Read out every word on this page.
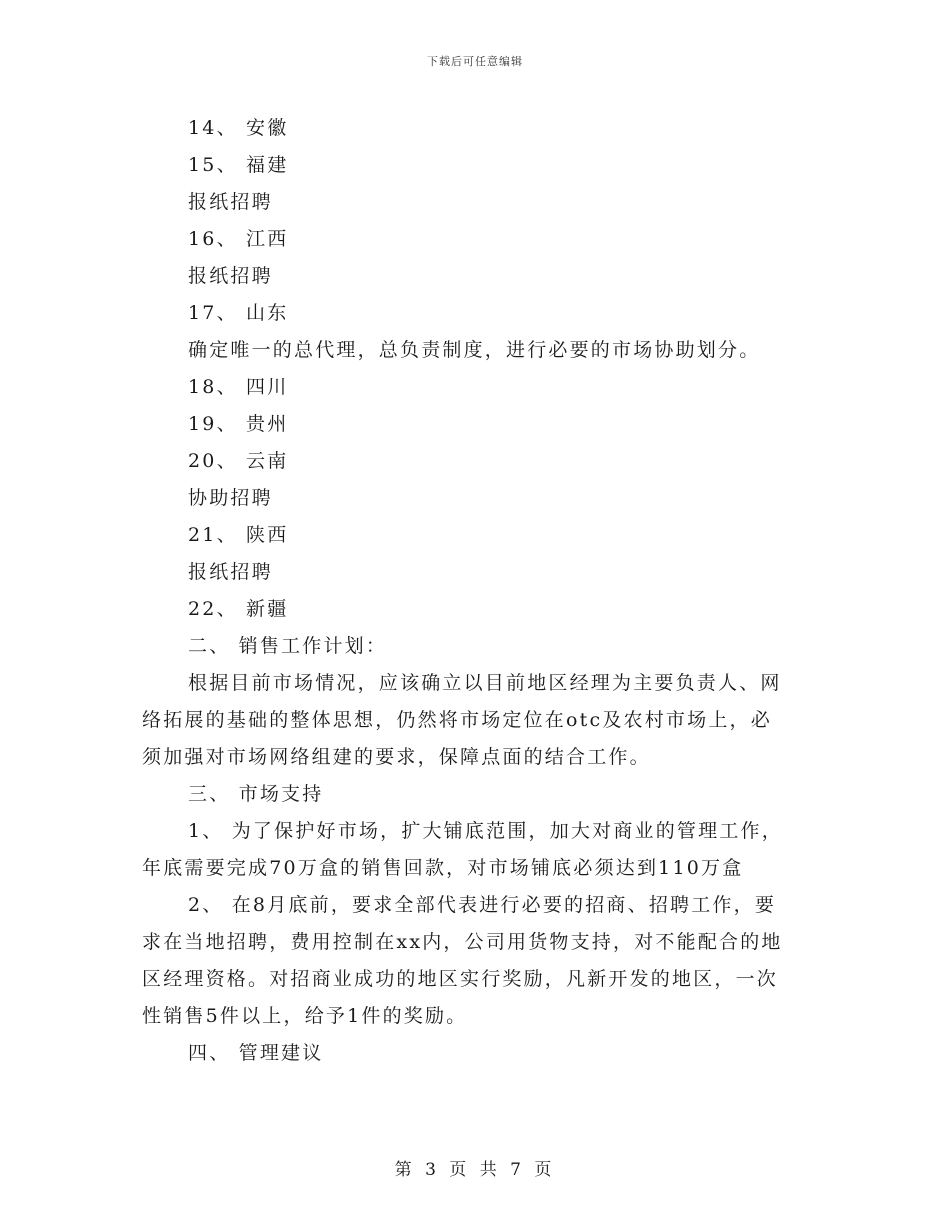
下载后可任意编辑
14、 安徽
15、 福建
报纸招聘
16、 江西
报纸招聘
17、 山东
确定唯一的总代理，总负责制度，进行必要的市场协助划分。
18、 四川
19、 贵州
20、 云南
协助招聘
21、 陕西
报纸招聘
22、 新疆
二、 销售工作计划：
根据目前市场情况，应该确立以目前地区经理为主要负责人、网
络拓展的基础的整体思想，仍然将市场定位在otc及农村市场上，必
须加强对市场网络组建的要求，保障点面的结合工作。
三、 市场支持
1、 为了保护好市场，扩大铺底范围，加大对商业的管理工作，
年底需要完成70万盒的销售回款，对市场铺底必须达到110万盒
2、 在8月底前，要求全部代表进行必要的招商、招聘工作，要
求在当地招聘，费用控制在xx内，公司用货物支持，对不能配合的地
区经理资格。对招商业成功的地区实行奖励，凡新开发的地区，一次
性销售5件以上，给予1件的奖励。
四、 管理建议
第 3 页 共 7 页
